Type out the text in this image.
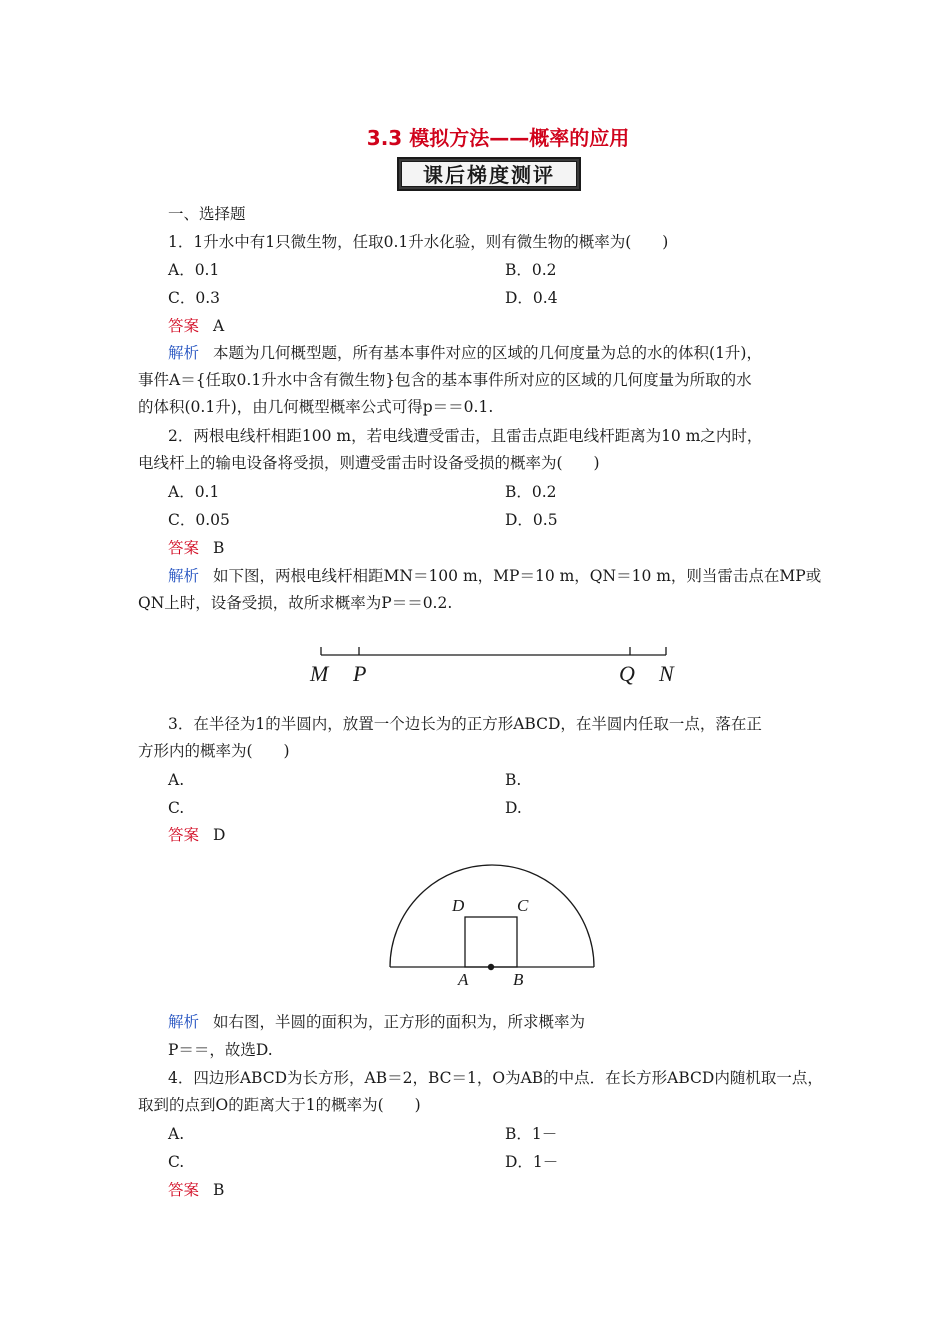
3.3 模拟方法——概率的应用
课后梯度测评
一、选择题
1．1升水中有1只微生物，任取0.1升水化验，则有微生物的概率为(　　)
A．0.1	B．0.2
C．0.3	D．0.4
答案 A
解析 本题为几何概型题，所有基本事件对应的区域的几何度量为总的水的体积(1升)，
事件A＝{任取0.1升水中含有微生物}包含的基本事件所对应的区域的几何度量为所取的水
的体积(0.1升)，由几何概型概率公式可得p＝＝0.1.
2．两根电线杆相距100 m，若电线遭受雷击，且雷击点距电线杆距离为10 m之内时，
电线杆上的输电设备将受损，则遭受雷击时设备受损的概率为(　　)
A．0.1	B．0.2
C．0.05	D．0.5
答案 B
解析 如下图，两根电线杆相距MN＝100 m，MP＝10 m，QN＝10 m，则当雷击点在MP或
QN上时，设备受损，故所求概率为P＝＝0.2.
M P	Q N
3．在半径为1的半圆内，放置一个边长为的正方形ABCD，在半圆内任取一点，落在正
方形内的概率为(　　)
A.	B.
C.	D.
答案 D
D	C
A	B
解析 如右图，半圆的面积为，正方形的面积为，所求概率为
P＝＝，故选D.
4．四边形ABCD为长方形，AB＝2，BC＝1，O为AB的中点．在长方形ABCD内随机取一点，
取到的点到O的距离大于1的概率为(　　)
A.	B．1－
C.	D．1－
答案 B
